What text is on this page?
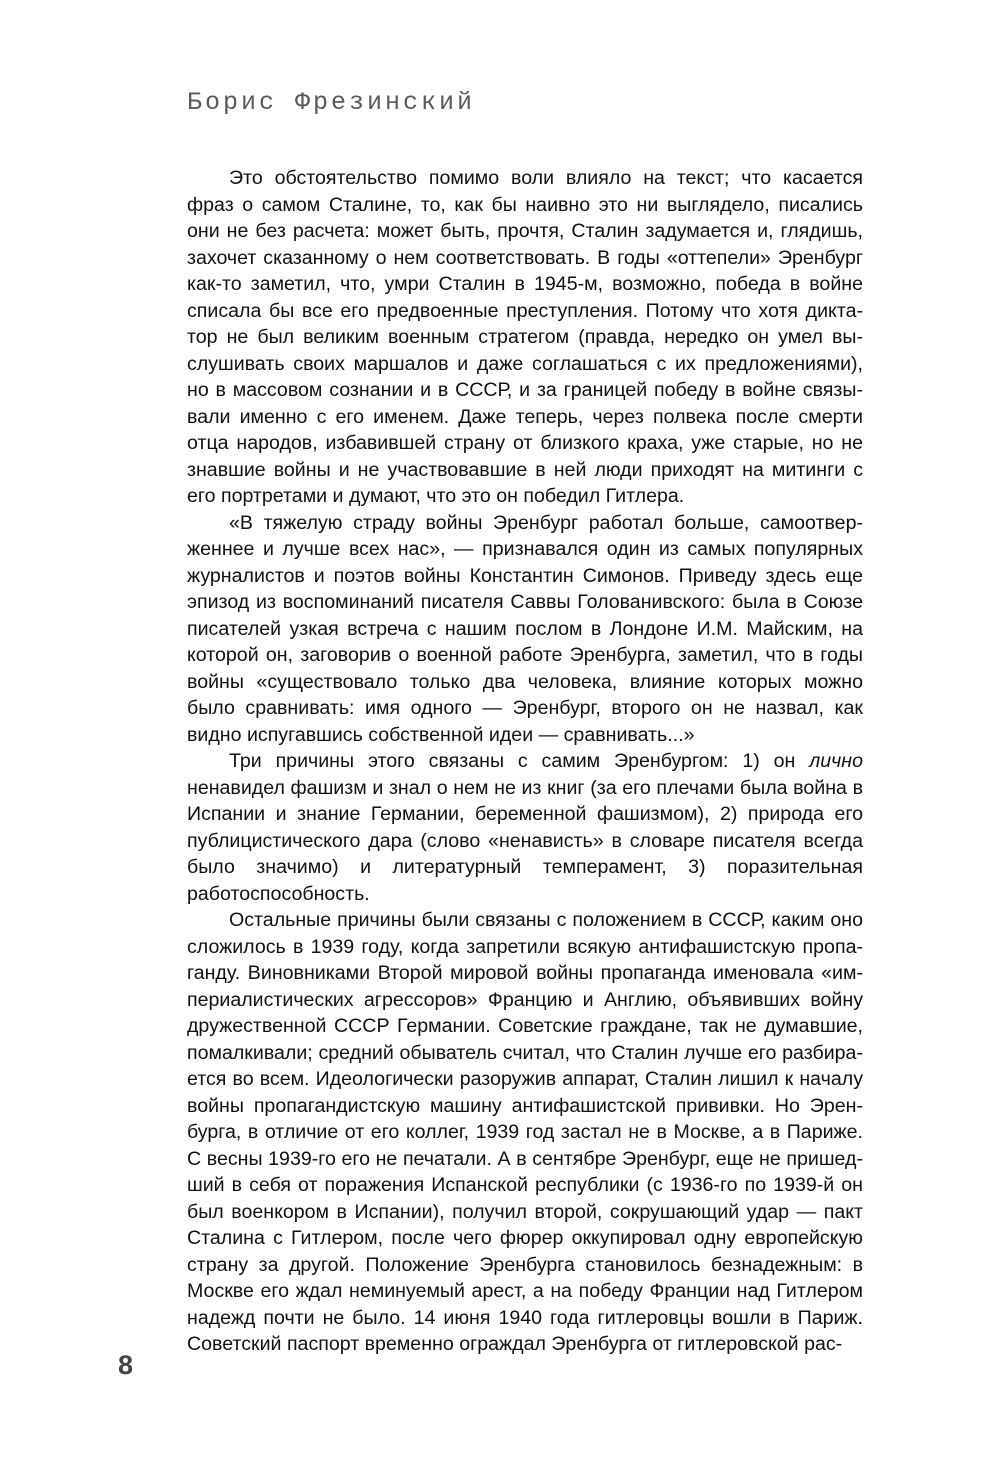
Борис Фрезинский

Это обстоятельство помимо воли влияло на текст; что касается фраз о самом Сталине, то, как бы наивно это ни выглядело, писались они не без расчета: может быть, прочтя, Сталин задумается и, глядишь, захочет сказанному о нем соответствовать. В годы «оттепели» Эренбург как-то заметил, что, умри Сталин в 1945-м, возможно, победа в войне списала бы все его предвоенные преступления. Потому что хотя диктатор не был великим военным стратегом (правда, нередко он умел выслушивать своих маршалов и даже соглашаться с их предложениями), но в массовом сознании и в СССР, и за границей победу в войне связывали именно с его именем. Даже теперь, через полвека после смерти отца народов, избавившей страну от близкого краха, уже старые, но не знавшие войны и не участвовавшие в ней люди приходят на митинги с его портретами и думают, что это он победил Гитлера.

«В тяжелую страду войны Эренбург работал больше, самоотверженнее и лучше всех нас», — признавался один из самых популярных журналистов и поэтов войны Константин Симонов. Приведу здесь еще эпизод из воспоминаний писателя Саввы Голованивского: была в Союзе писателей узкая встреча с нашим послом в Лондоне И.М. Майским, на которой он, заговорив о военной работе Эренбурга, заметил, что в годы войны «существовало только два человека, влияние которых можно было сравнивать: имя одного — Эренбург, второго он не назвал, как видно испугавшись собственной идеи — сравнивать...»

Три причины этого связаны с самим Эренбургом: 1) он лично ненавидел фашизм и знал о нем не из книг (за его плечами была война в Испании и знание Германии, беременной фашизмом), 2) природа его публицистического дара (слово «ненависть» в словаре писателя всегда было значимо) и литературный темперамент, 3) поразительная работоспособность.

Остальные причины были связаны с положением в СССР, каким оно сложилось в 1939 году, когда запретили всякую антифашистскую пропаганду. Виновниками Второй мировой войны пропаганда именовала «империалистических агрессоров» Францию и Англию, объявивших войну дружественной СССР Германии. Советские граждане, так не думавшие, помалкивали; средний обыватель считал, что Сталин лучше его разбирается во всем. Идеологически разоружив аппарат, Сталин лишил к началу войны пропагандистскую машину антифашистской прививки. Но Эренбурга, в отличие от его коллег, 1939 год застал не в Москве, а в Париже. С весны 1939-го его не печатали. А в сентябре Эренбург, еще не пришедший в себя от поражения Испанской республики (с 1936-го по 1939-й он был военкором в Испании), получил второй, сокрушающий удар — пакт Сталина с Гитлером, после чего фюрер оккупировал одну европейскую страну за другой. Положение Эренбурга становилось безнадежным: в Москве его ждал неминуемый арест, а на победу Франции над Гитлером надежд почти не было. 14 июня 1940 года гитлеровцы вошли в Париж. Советский паспорт временно ограждал Эренбурга от гитлеровской рас-

8
